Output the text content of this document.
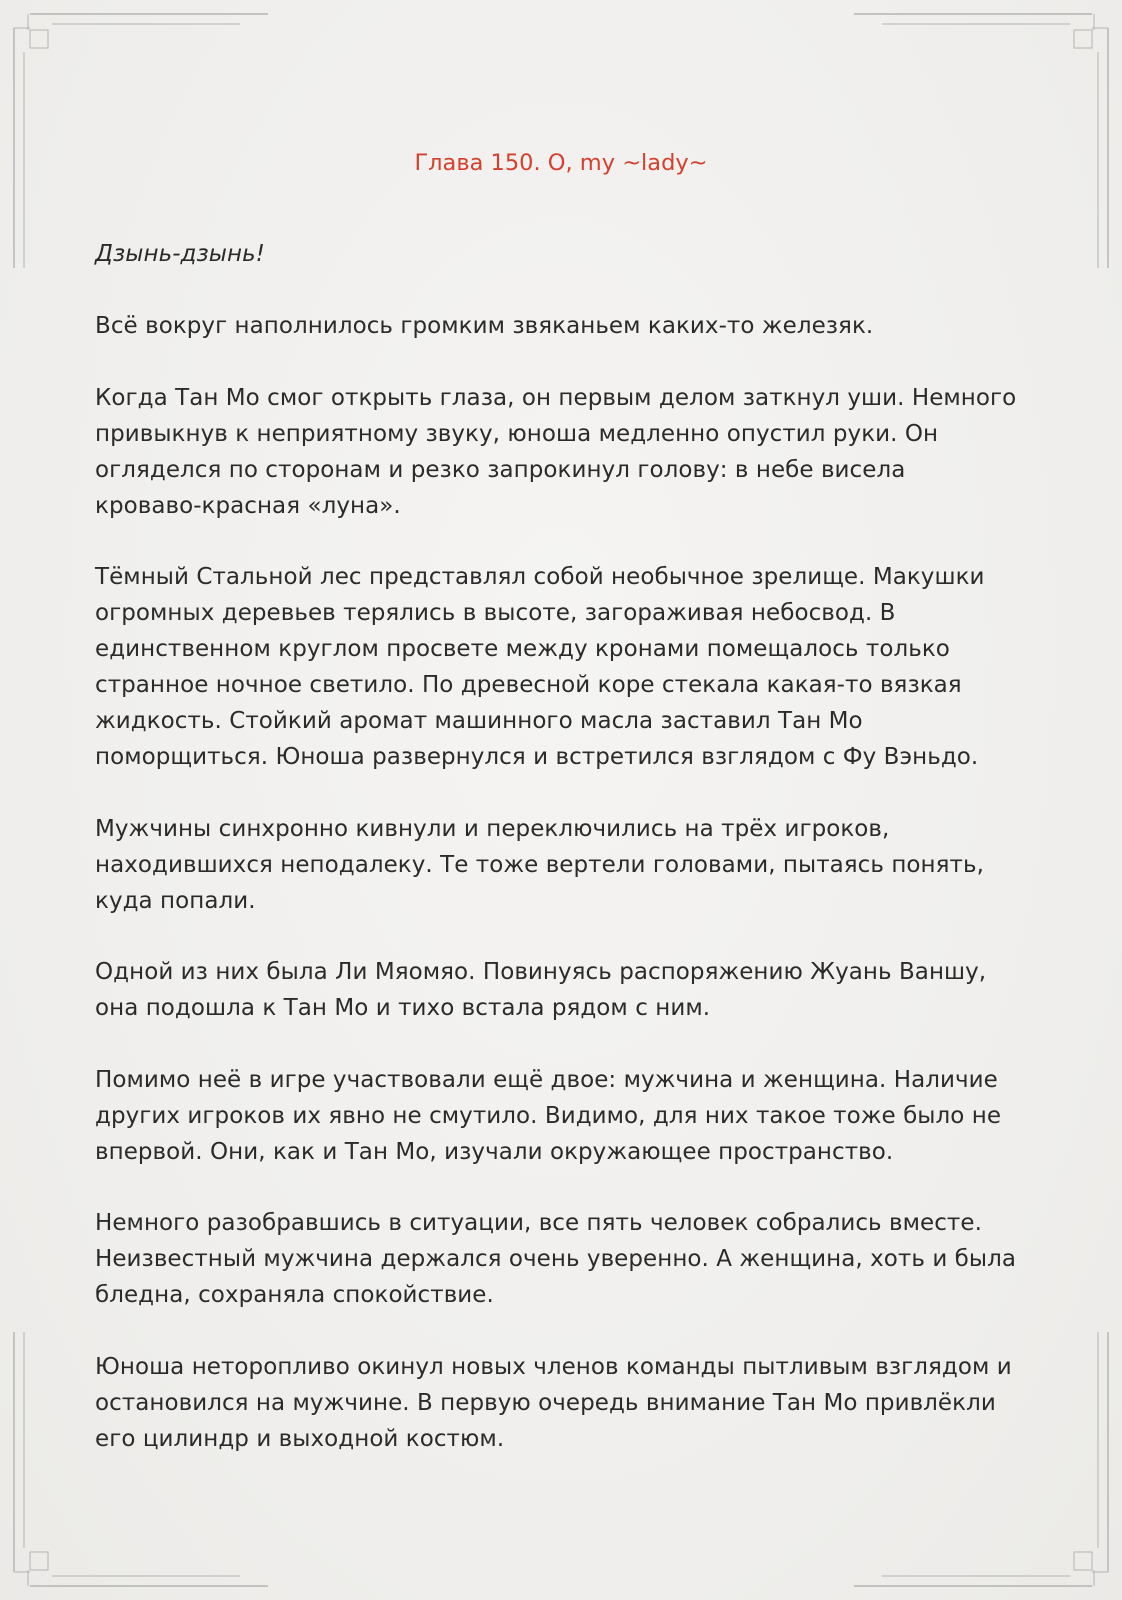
Глава 150. О, my ~lady~

Дзынь-дзынь!

Всё вокруг наполнилось громким звяканьем каких-то железяк.

Когда Тан Мо смог открыть глаза, он первым делом заткнул уши. Немного
привыкнув к неприятному звуку, юноша медленно опустил руки. Он
огляделся по сторонам и резко запрокинул голову: в небе висела
кроваво-красная «луна».

Тёмный Стальной лес представлял собой необычное зрелище. Макушки
огромных деревьев терялись в высоте, загораживая небосвод. В
единственном круглом просвете между кронами помещалось только
странное ночное светило. По древесной коре стекала какая-то вязкая
жидкость. Стойкий аромат машинного масла заставил Тан Мо
поморщиться. Юноша развернулся и встретился взглядом с Фу Вэньдо.

Мужчины синхронно кивнули и переключились на трёх игроков,
находившихся неподалеку. Те тоже вертели головами, пытаясь понять,
куда попали.

Одной из них была Ли Мяомяо. Повинуясь распоряжению Жуань Ваншу,
она подошла к Тан Мо и тихо встала рядом с ним.

Помимо неё в игре участвовали ещё двое: мужчина и женщина. Наличие
других игроков их явно не смутило. Видимо, для них такое тоже было не
впервой. Они, как и Тан Мо, изучали окружающее пространство.

Немного разобравшись в ситуации, все пять человек собрались вместе.
Неизвестный мужчина держался очень уверенно. А женщина, хоть и была
бледна, сохраняла спокойствие.

Юноша неторопливо окинул новых членов команды пытливым взглядом и
остановился на мужчине. В первую очередь внимание Тан Мо привлёкли
его цилиндр и выходной костюм.
